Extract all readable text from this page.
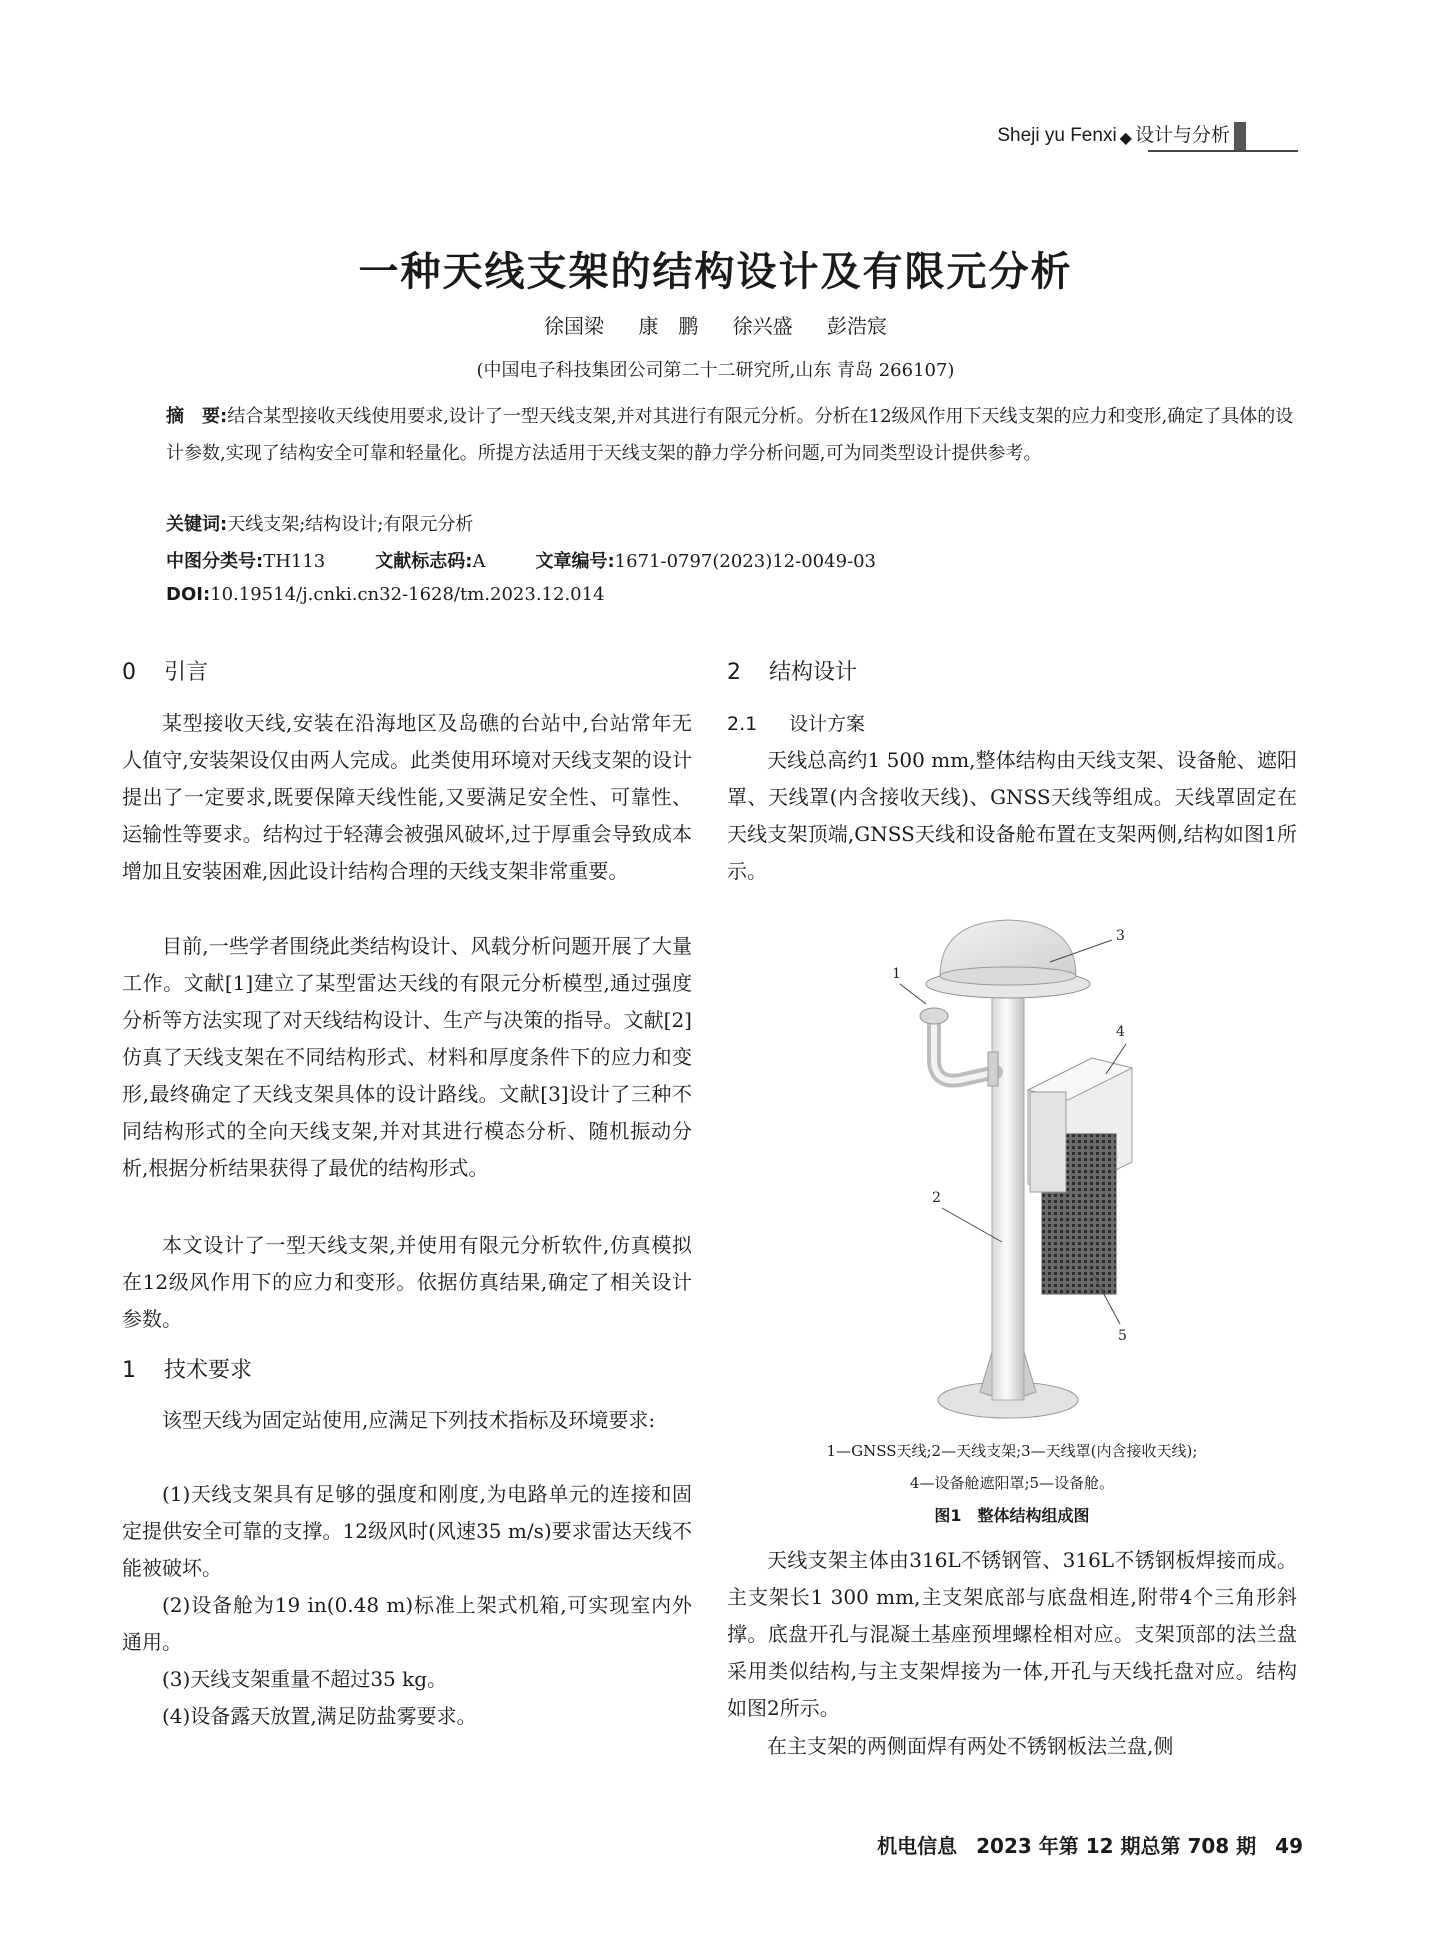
Sheji yu Fenxi ◆ 设计与分析
一种天线支架的结构设计及有限元分析
徐国梁 康　鹏 徐兴盛 彭浩宸
(中国电子科技集团公司第二十二研究所,山东 青岛 266107)
摘　要:结合某型接收天线使用要求,设计了一型天线支架,并对其进行有限元分析。分析在12级风作用下天线支架的应力和变形,确定了具体的设计参数,实现了结构安全可靠和轻量化。所提方法适用于天线支架的静力学分析问题,可为同类型设计提供参考。
关键词:天线支架;结构设计;有限元分析
中图分类号:TH113	文献标志码:A	文章编号:1671-0797(2023)12-0049-03
DOI:10.19514/j.cnki.cn32-1628/tm.2023.12.014
0 引言
某型接收天线,安装在沿海地区及岛礁的台站中,台站常年无人值守,安装架设仅由两人完成。此类使用环境对天线支架的设计提出了一定要求,既要保障天线性能,又要满足安全性、可靠性、运输性等要求。结构过于轻薄会被强风破坏,过于厚重会导致成本增加且安装困难,因此设计结构合理的天线支架非常重要。
目前,一些学者围绕此类结构设计、风载分析问题开展了大量工作。文献[1]建立了某型雷达天线的有限元分析模型,通过强度分析等方法实现了对天线结构设计、生产与决策的指导。文献[2]仿真了天线支架在不同结构形式、材料和厚度条件下的应力和变形,最终确定了天线支架具体的设计路线。文献[3]设计了三种不同结构形式的全向天线支架,并对其进行模态分析、随机振动分析,根据分析结果获得了最优的结构形式。
本文设计了一型天线支架,并使用有限元分析软件,仿真模拟在12级风作用下的应力和变形。依据仿真结果,确定了相关设计参数。
1 技术要求
该型天线为固定站使用,应满足下列技术指标及环境要求:
(1)天线支架具有足够的强度和刚度,为电路单元的连接和固定提供安全可靠的支撑。12级风时(风速35 m/s)要求雷达天线不能被破坏。
(2)设备舱为19 in(0.48 m)标准上架式机箱,可实现室内外通用。
(3)天线支架重量不超过35 kg。
(4)设备露天放置,满足防盐雾要求。
2 结构设计
2.1 设计方案
天线总高约1 500 mm,整体结构由天线支架、设备舱、遮阳罩、天线罩(内含接收天线)、GNSS天线等组成。天线罩固定在天线支架顶端,GNSS天线和设备舱布置在支架两侧,结构如图1所示。
1
2
3
4
5
1—GNSS天线;2—天线支架;3—天线罩(内含接收天线);
4—设备舱遮阳罩;5—设备舱。
图1　整体结构组成图
天线支架主体由316L不锈钢管、316L不锈钢板焊接而成。主支架长1 300 mm,主支架底部与底盘相连,附带4个三角形斜撑。底盘开孔与混凝土基座预埋螺栓相对应。支架顶部的法兰盘采用类似结构,与主支架焊接为一体,开孔与天线托盘对应。结构如图2所示。
在主支架的两侧面焊有两处不锈钢板法兰盘,侧
机电信息 2023 年第 12 期总第 708 期 49
